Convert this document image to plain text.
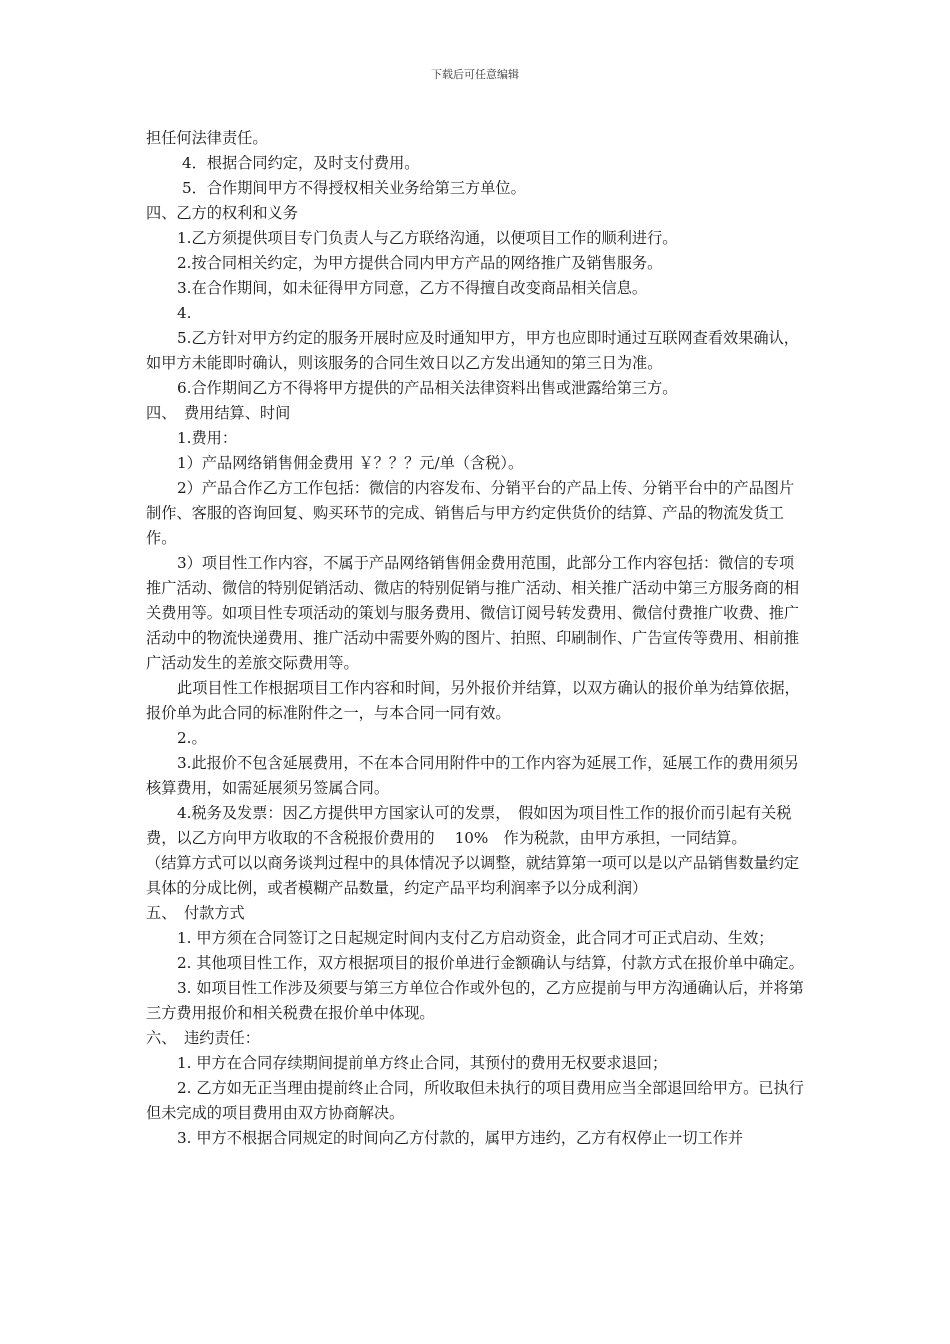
下载后可任意编辑

担任何法律责任。

4．根据合同约定，及时支付费用。

5．合作期间甲方不得授权相关业务给第三方单位。

四、乙方的权利和义务

1.乙方须提供项目专门负责人与乙方联络沟通，以便项目工作的顺利进行。

2.按合同相关约定，为甲方提供合同内甲方产品的网络推广及销售服务。

3.在合作期间，如未征得甲方同意，乙方不得擅自改变商品相关信息。

4.

5.乙方针对甲方约定的服务开展时应及时通知甲方，甲方也应即时通过互联网查看效果确认，如甲方未能即时确认，则该服务的合同生效日以乙方发出通知的第三日为准。

6.合作期间乙方不得将甲方提供的产品相关法律资料出售或泄露给第三方。

四、　费用结算、时间

1.费用：

1）产品网络销售佣金费用 ￥？？？元/单（含税）。

2）产品合作乙方工作包括：微信的内容发布、分销平台的产品上传、分销平台中的产品图片制作、客服的咨询回复、购买环节的完成、销售后与甲方约定供货价的结算、产品的物流发货工作。

3）项目性工作内容，不属于产品网络销售佣金费用范围，此部分工作内容包括：微信的专项推广活动、微信的特别促销活动、微店的特别促销与推广活动、相关推广活动中第三方服务商的相关费用等。如项目性专项活动的策划与服务费用、微信订阅号转发费用、微信付费推广收费、推广活动中的物流快递费用、推广活动中需要外购的图片、拍照、印刷制作、广告宣传等费用、相前推广活动发生的差旅交际费用等。

此项目性工作根据项目工作内容和时间，另外报价并结算，以双方确认的报价单为结算依据，报价单为此合同的标准附件之一，与本合同一同有效。

2.。

3.此报价不包含延展费用，不在本合同用附件中的工作内容为延展工作，延展工作的费用须另核算费用，如需延展须另签属合同。

4.税务及发票：因乙方提供甲方国家认可的发票，　假如因为项目性工作的报价而引起有关税费，以乙方向甲方收取的不含税报价费用的　 10%　作为税款，由甲方承担，一同结算。

（结算方式可以以商务谈判过程中的具体情况予以调整，就结算第一项可以是以产品销售数量约定具体的分成比例，或者模糊产品数量，约定产品平均利润率予以分成利润）

五、　付款方式

1. 甲方须在合同签订之日起规定时间内支付乙方启动资金，此合同才可正式启动、生效；

2. 其他项目性工作，双方根据项目的报价单进行金额确认与结算，付款方式在报价单中确定。

3. 如项目性工作涉及须要与第三方单位合作或外包的，乙方应提前与甲方沟通确认后，并将第三方费用报价和相关税费在报价单中体现。

六、　违约责任：

1. 甲方在合同存续期间提前单方终止合同，其预付的费用无权要求退回；

2. 乙方如无正当理由提前终止合同，所收取但未执行的项目费用应当全部退回给甲方。已执行但未完成的项目费用由双方协商解决。

3. 甲方不根据合同规定的时间向乙方付款的，属甲方违约，乙方有权停止一切工作并
